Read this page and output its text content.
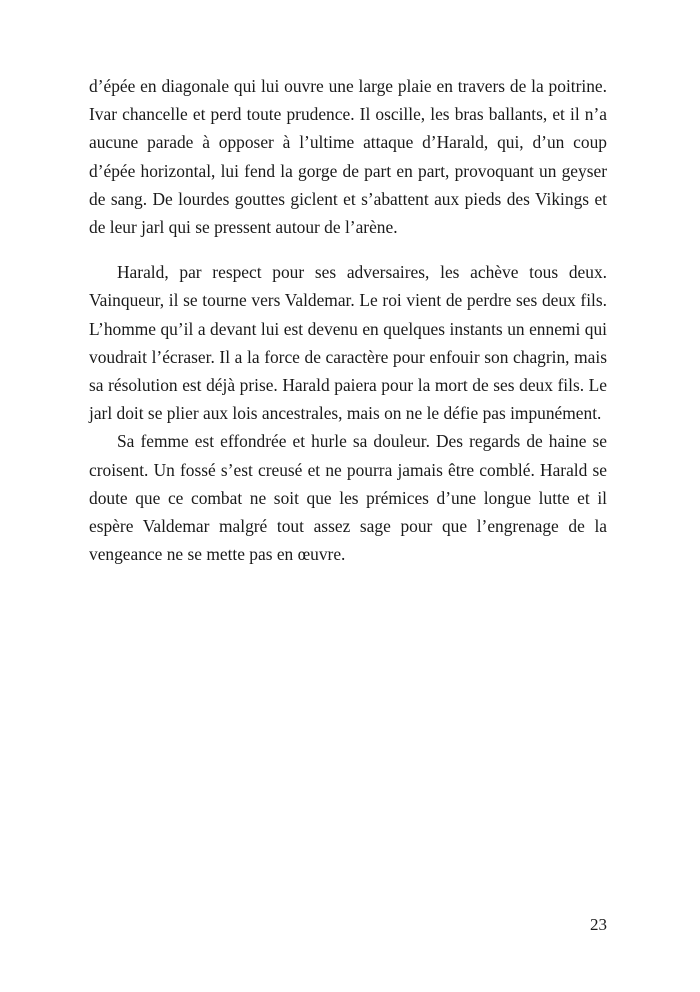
d’épée en diagonale qui lui ouvre une large plaie en travers de la poitrine. Ivar chancelle et perd toute prudence. Il oscille, les bras ballants, et il n’a aucune parade à opposer à l’ultime attaque d’Harald, qui, d’un coup d’épée horizontal, lui fend la gorge de part en part, provoquant un geyser de sang. De lourdes gouttes giclent et s’abattent aux pieds des Vikings et de leur jarl qui se pressent autour de l’arène.

Harald, par respect pour ses adversaires, les achève tous deux. Vainqueur, il se tourne vers Valdemar. Le roi vient de perdre ses deux fils. L’homme qu’il a devant lui est devenu en quelques instants un ennemi qui voudrait l’écraser. Il a la force de caractère pour enfouir son chagrin, mais sa résolution est déjà prise. Harald paiera pour la mort de ses deux fils. Le jarl doit se plier aux lois ancestrales, mais on ne le défie pas impunément.

Sa femme est effondrée et hurle sa douleur. Des regards de haine se croisent. Un fossé s’est creusé et ne pourra jamais être comblé. Harald se doute que ce combat ne soit que les prémices d’une longue lutte et il espère Valdemar malgré tout assez sage pour que l’engrenage de la vengeance ne se mette pas en œuvre.

23
